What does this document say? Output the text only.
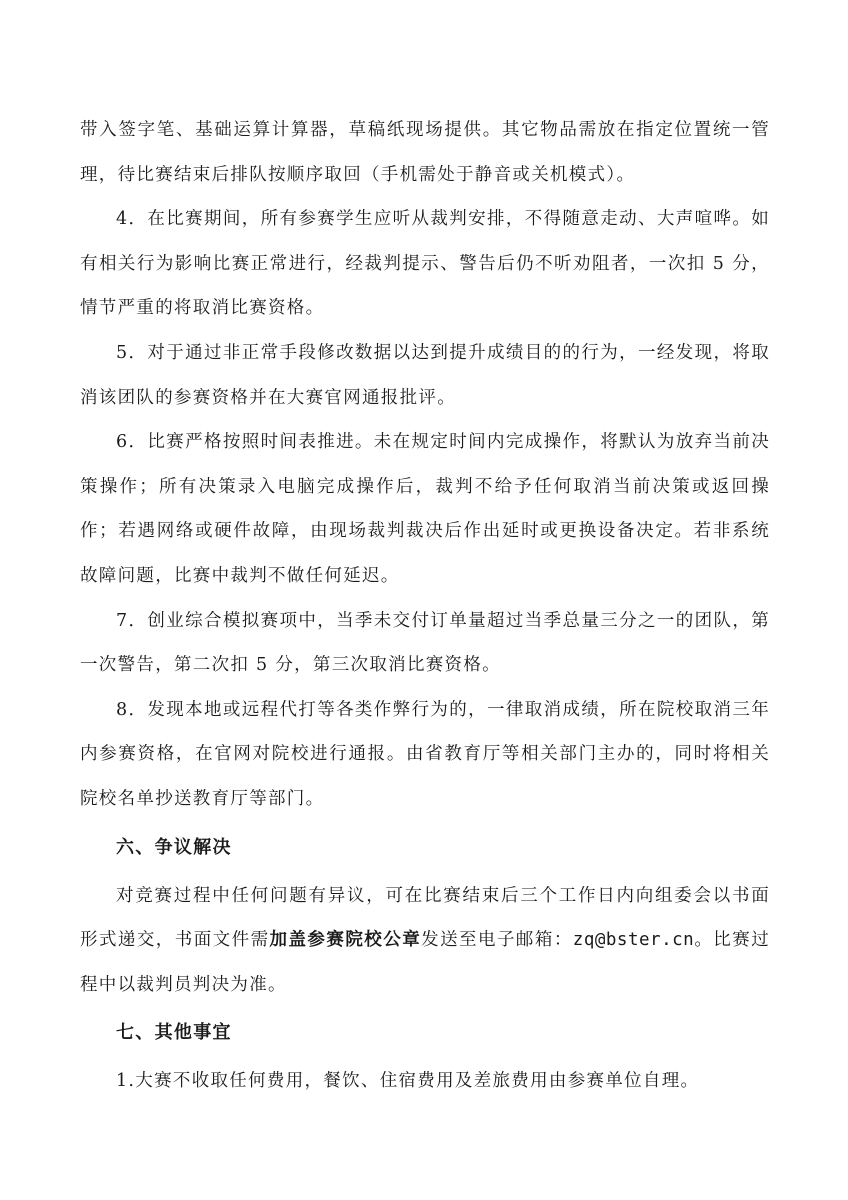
带入签字笔、基础运算计算器，草稿纸现场提供。其它物品需放在指定位置统一管理，待比赛结束后排队按顺序取回（手机需处于静音或关机模式）。

4．在比赛期间，所有参赛学生应听从裁判安排，不得随意走动、大声喧哗。如有相关行为影响比赛正常进行，经裁判提示、警告后仍不听劝阻者，一次扣 5 分，情节严重的将取消比赛资格。

5．对于通过非正常手段修改数据以达到提升成绩目的的行为，一经发现，将取消该团队的参赛资格并在大赛官网通报批评。

6．比赛严格按照时间表推进。未在规定时间内完成操作，将默认为放弃当前决策操作；所有决策录入电脑完成操作后，裁判不给予任何取消当前决策或返回操作；若遇网络或硬件故障，由现场裁判裁决后作出延时或更换设备决定。若非系统故障问题，比赛中裁判不做任何延迟。

7．创业综合模拟赛项中，当季未交付订单量超过当季总量三分之一的团队，第一次警告，第二次扣 5 分，第三次取消比赛资格。

8．发现本地或远程代打等各类作弊行为的，一律取消成绩，所在院校取消三年内参赛资格，在官网对院校进行通报。由省教育厅等相关部门主办的，同时将相关院校名单抄送教育厅等部门。

六、争议解决

对竞赛过程中任何问题有异议，可在比赛结束后三个工作日内向组委会以书面形式递交，书面文件需加盖参赛院校公章发送至电子邮箱：zq@bster.cn。比赛过程中以裁判员判决为准。

七、其他事宜

1.大赛不收取任何费用，餐饮、住宿费用及差旅费用由参赛单位自理。
